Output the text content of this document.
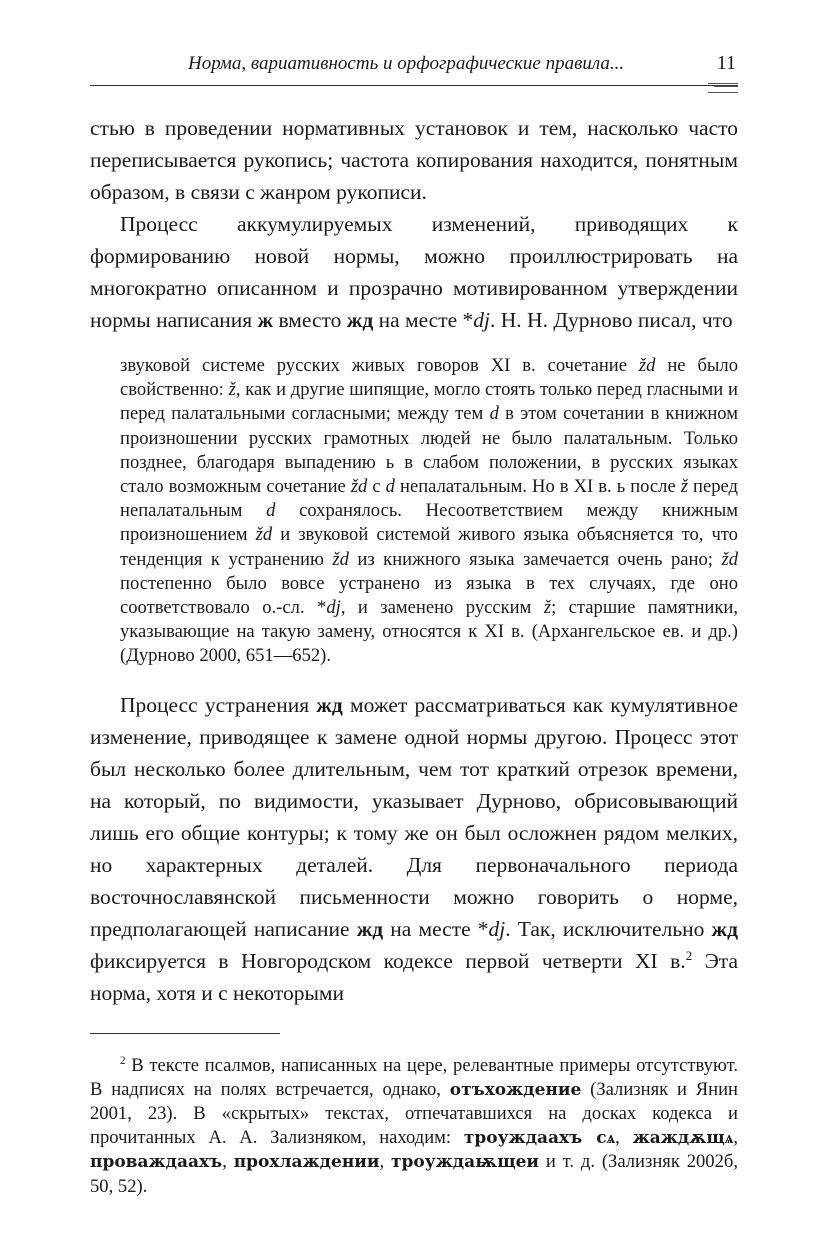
Норма, вариативность и орфографические правила...	11

стью в проведении нормативных установок и тем, насколько часто переписывается рукопись; частота копирования находится, понятным образом, в связи с жанром рукописи.

Процесс аккумулируемых изменений, приводящих к формированию новой нормы, можно проиллюстрировать на многократно описанном и прозрачно мотивированном утверждении нормы написания ж вместо жд на месте *dj. Н. Н. Дурново писал, что

звуковой системе русских живых говоров XI в. сочетание žd не было свойственно: ž, как и другие шипящие, могло стоять только перед гласными и перед палатальными согласными; между тем d в этом сочетании в книжном произношении русских грамотных людей не было палатальным. Только позднее, благодаря выпадению ь в слабом положении, в русских языках стало возможным сочетание žd с d непалатальным. Но в XI в. ь после ž перед непалатальным d сохранялось. Несоответствием между книжным произношением žd и звуковой системой живого языка объясняется то, что тенденция к устранению žd из книжного языка замечается очень рано; žd постепенно было вовсе устранено из языка в тех случаях, где оно соответствовало о.-сл. *dj, и заменено русским ž; старшие памятники, указывающие на такую замену, относятся к XI в. (Архангельское ев. и др.) (Дурново 2000, 651—652).

Процесс устранения жд может рассматриваться как кумулятивное изменение, приводящее к замене одной нормы другою. Процесс этот был несколько более длительным, чем тот краткий отрезок времени, на который, по видимости, указывает Дурново, обрисовывающий лишь его общие контуры; к тому же он был осложнен рядом мелких, но характерных деталей. Для первоначального периода восточнославянской письменности можно говорить о норме, предполагающей написание жд на месте *dj. Так, исключительно жд фиксируется в Новгородском кодексе первой четверти XI в.$^2$ Эта норма, хотя и с некоторыми

$^2$ В тексте псалмов, написанных на цере, релевантные примеры отсутствуют. В надписях на полях встречается, однако, отъхождение (Зализняк и Янин 2001, 23). В «скрытых» текстах, отпечатавшихся на досках кодекса и прочитанных А. А. Зализняком, находим: троуждаахъ сѧ, жаждѫщѧ, проваждаахъ, прохлаждении, троуждаѭщеи и т. д. (Зализняк 2002б, 50, 52).
